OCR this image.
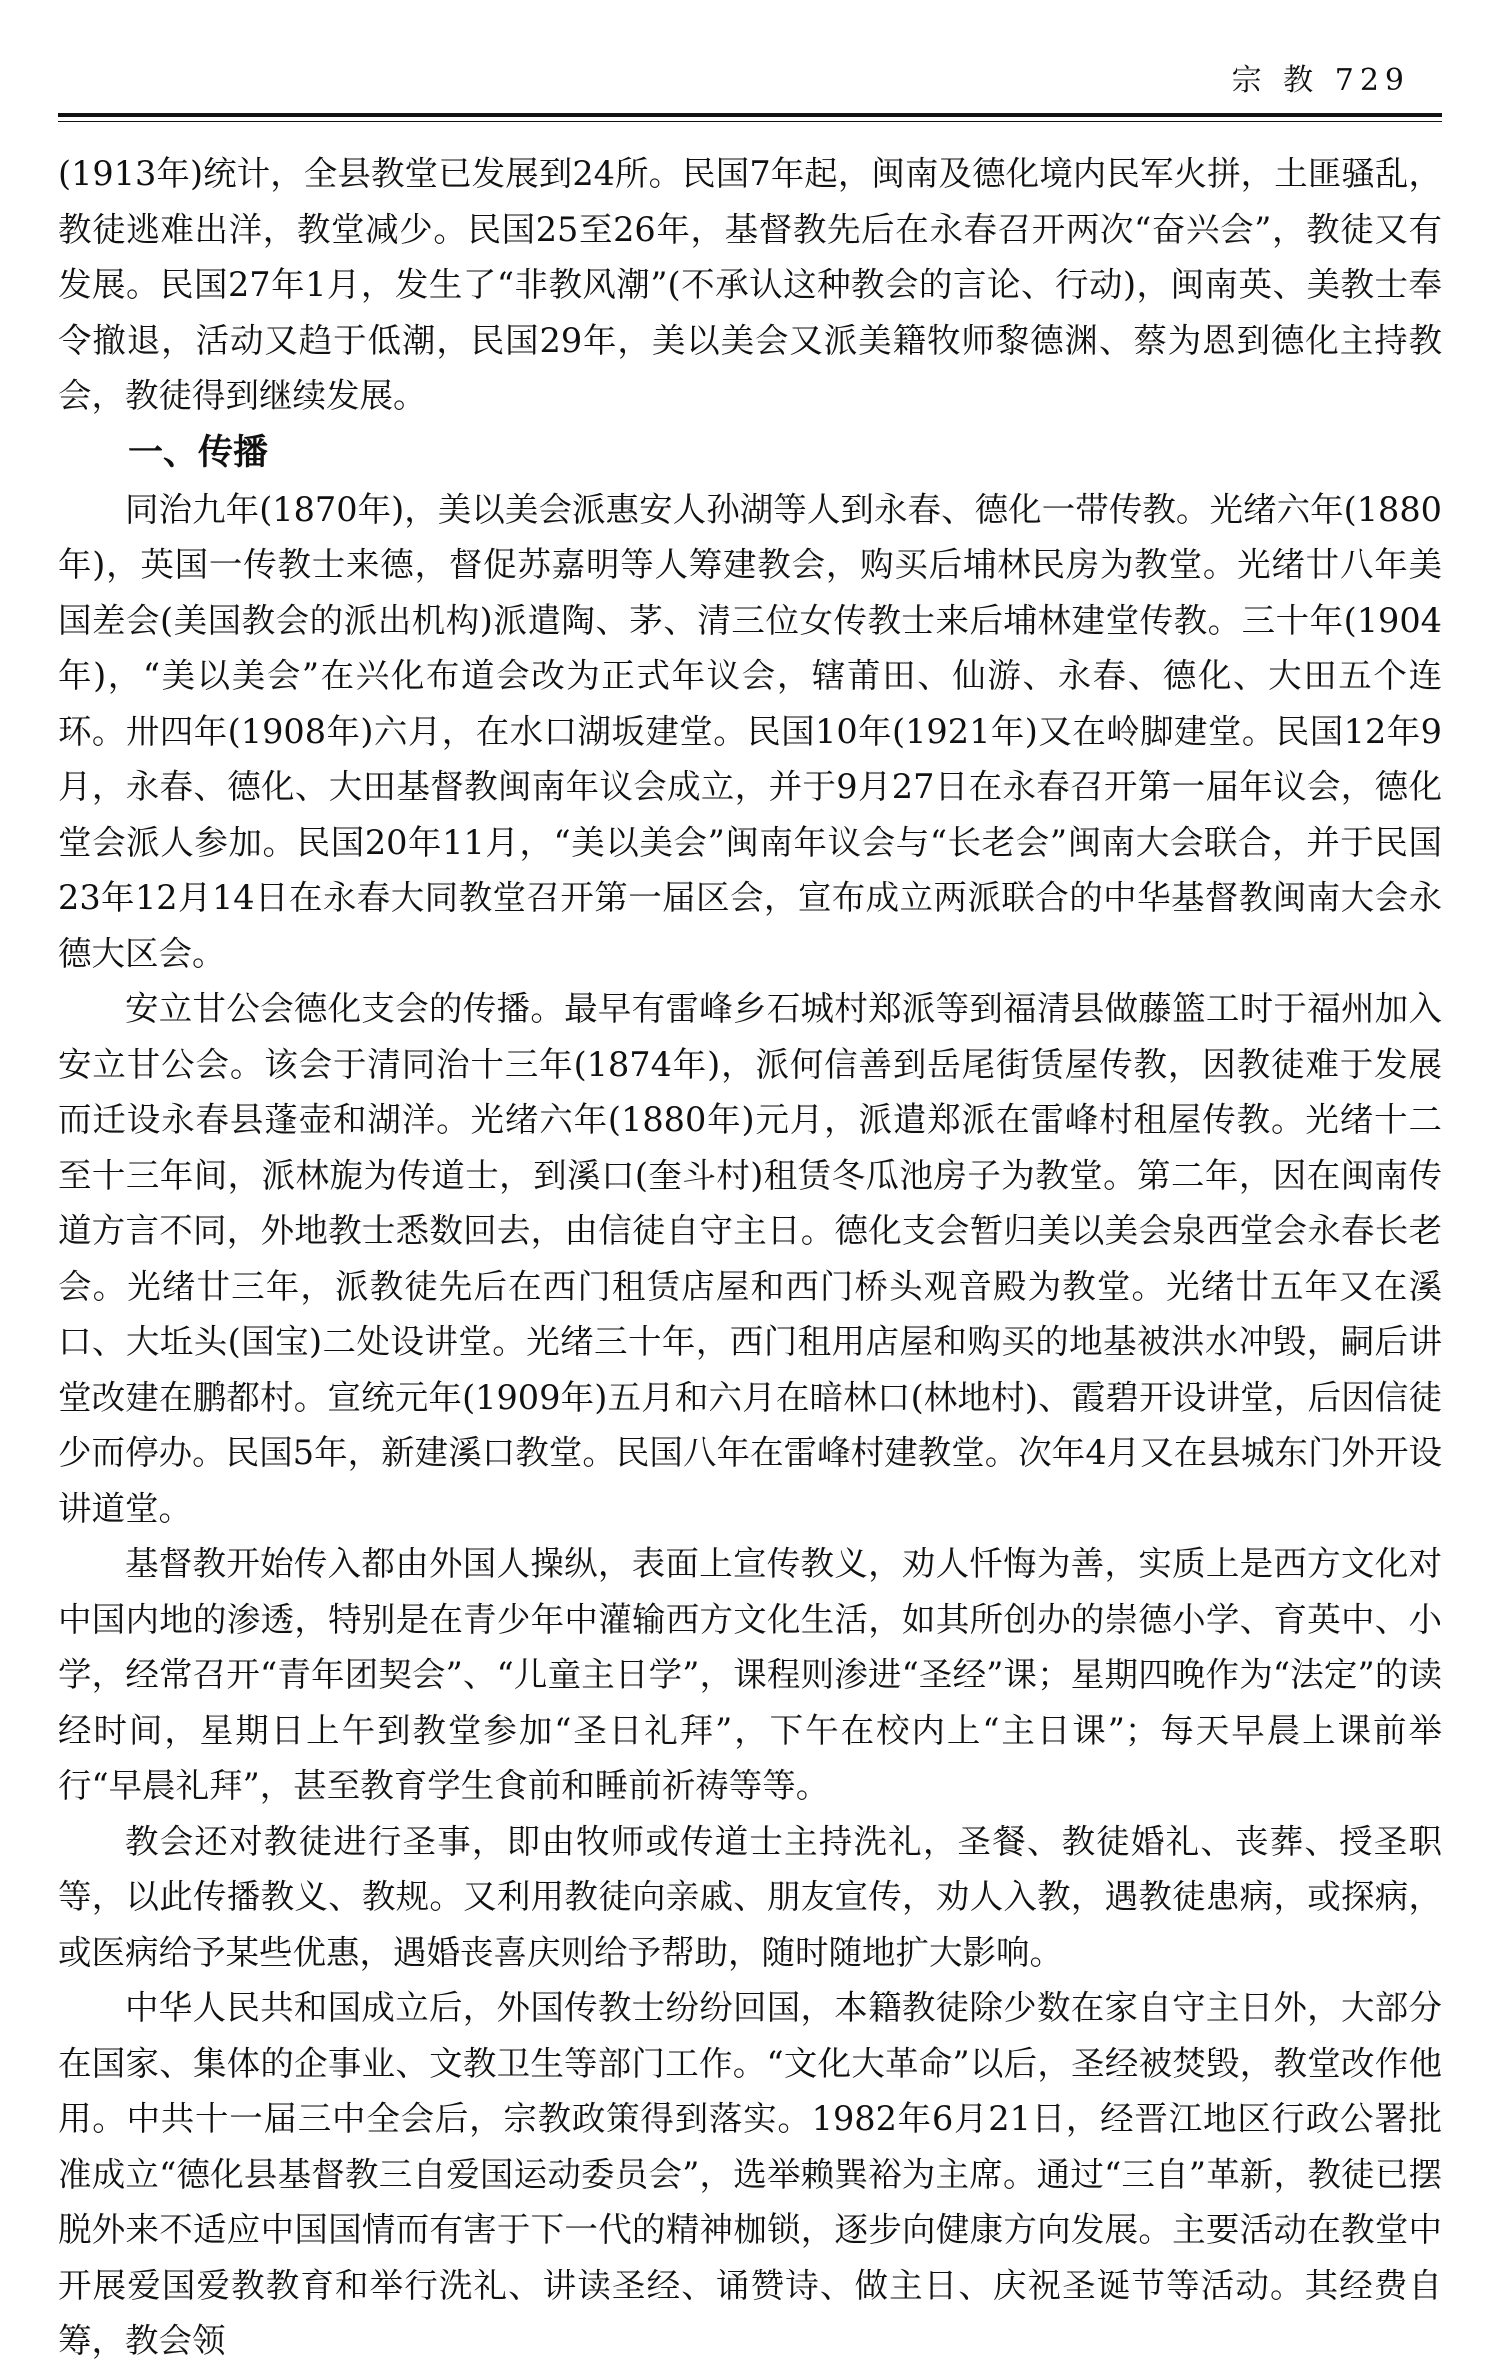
宗 教 729

(1913年)统计，全县教堂已发展到24所。民国7年起，闽南及德化境内民军火拼，土匪骚乱，教徒逃难出洋，教堂减少。民国25至26年，基督教先后在永春召开两次“奋兴会”，教徒又有发展。民国27年1月，发生了“非教风潮”(不承认这种教会的言论、行动)，闽南英、美教士奉令撤退，活动又趋于低潮，民国29年，美以美会又派美籍牧师黎德渊、蔡为恩到德化主持教会，教徒得到继续发展。

一、传播

同治九年(1870年)，美以美会派惠安人孙湖等人到永春、德化一带传教。光绪六年(1880年)，英国一传教士来德，督促苏嘉明等人筹建教会，购买后埔林民房为教堂。光绪廿八年美国差会(美国教会的派出机构)派遣陶、茅、清三位女传教士来后埔林建堂传教。三十年(1904年)，“美以美会”在兴化布道会改为正式年议会，辖莆田、仙游、永春、德化、大田五个连环。卅四年(1908年)六月，在水口湖坂建堂。民国10年(1921年)又在岭脚建堂。民国12年9月，永春、德化、大田基督教闽南年议会成立，并于9月27日在永春召开第一届年议会，德化堂会派人参加。民国20年11月，“美以美会”闽南年议会与“长老会”闽南大会联合，并于民国23年12月14日在永春大同教堂召开第一届区会，宣布成立两派联合的中华基督教闽南大会永德大区会。

安立甘公会德化支会的传播。最早有雷峰乡石城村郑派等到福清县做藤篮工时于福州加入安立甘公会。该会于清同治十三年(1874年)，派何信善到岳尾街赁屋传教，因教徒难于发展而迁设永春县蓬壶和湖洋。光绪六年(1880年)元月，派遣郑派在雷峰村租屋传教。光绪十二至十三年间，派林旎为传道士，到溪口(奎斗村)租赁冬瓜池房子为教堂。第二年，因在闽南传道方言不同，外地教士悉数回去，由信徒自守主日。德化支会暂归美以美会泉西堂会永春长老会。光绪廿三年，派教徒先后在西门租赁店屋和西门桥头观音殿为教堂。光绪廿五年又在溪口、大坵头(国宝)二处设讲堂。光绪三十年，西门租用店屋和购买的地基被洪水冲毁，嗣后讲堂改建在鹏都村。宣统元年(1909年)五月和六月在暗林口(林地村)、霞碧开设讲堂，后因信徒少而停办。民国5年，新建溪口教堂。民国八年在雷峰村建教堂。次年4月又在县城东门外开设讲道堂。

基督教开始传入都由外国人操纵，表面上宣传教义，劝人忏悔为善，实质上是西方文化对中国内地的渗透，特别是在青少年中灌输西方文化生活，如其所创办的崇德小学、育英中、小学，经常召开“青年团契会”、“儿童主日学”，课程则渗进“圣经”课；星期四晚作为“法定”的读经时间，星期日上午到教堂参加“圣日礼拜”，下午在校内上“主日课”；每天早晨上课前举行“早晨礼拜”，甚至教育学生食前和睡前祈祷等等。

教会还对教徒进行圣事，即由牧师或传道士主持洗礼，圣餐、教徒婚礼、丧葬、授圣职等，以此传播教义、教规。又利用教徒向亲戚、朋友宣传，劝人入教，遇教徒患病，或探病，或医病给予某些优惠，遇婚丧喜庆则给予帮助，随时随地扩大影响。

中华人民共和国成立后，外国传教士纷纷回国，本籍教徒除少数在家自守主日外，大部分在国家、集体的企事业、文教卫生等部门工作。“文化大革命”以后，圣经被焚毁，教堂改作他用。中共十一届三中全会后，宗教政策得到落实。1982年6月21日，经晋江地区行政公署批准成立“德化县基督教三自爱国运动委员会”，选举赖巽裕为主席。通过“三自”革新，教徒已摆脱外来不适应中国国情而有害于下一代的精神枷锁，逐步向健康方向发展。主要活动在教堂中开展爱国爱教教育和举行洗礼、讲读圣经、诵赞诗、做主日、庆祝圣诞节等活动。其经费自筹，教会领
